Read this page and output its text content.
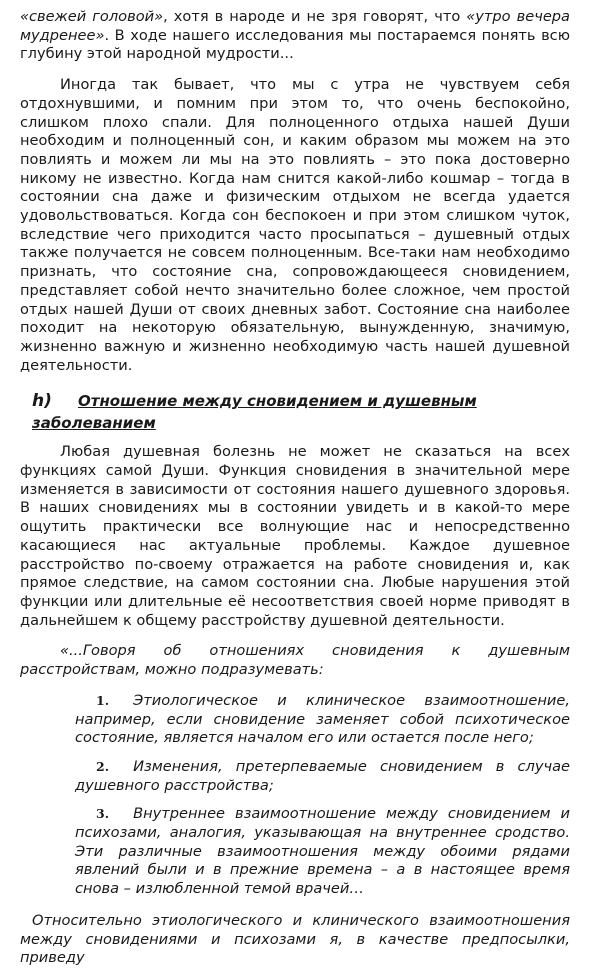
«свежей головой», хотя в народе и не зря говорят, что «утро вечера мудренее». В ходе нашего исследования мы постараемся понять всю глубину этой народной мудрости...

Иногда так бывает, что мы с утра не чувствуем себя отдохнувшими, и помним при этом то, что очень беспокойно, слишком плохо спали. Для полноценного отдыха нашей Души необходим и полноценный сон, и каким образом мы можем на это повлиять и можем ли мы на это повлиять – это пока достоверно никому не известно. Когда нам снится какой-либо кошмар – тогда в состоянии сна даже и физическим отдыхом не всегда удается удовольствоваться. Когда сон беспокоен и при этом слишком чуток, вследствие чего приходится часто просыпаться – душевный отдых также получается не совсем полноценным. Все-таки нам необходимо признать, что состояние сна, сопровождающееся сновидением, представляет собой нечто значительно более сложное, чем простой отдых нашей Души от своих дневных забот. Состояние сна наиболее походит на некоторую обязательную, вынужденную, значимую, жизненно важную и жизненно необходимую часть нашей душевной деятельности.

h) Отношение между сновидением и душевным заболеванием

Любая душевная болезнь не может не сказаться на всех функциях самой Души. Функция сновидения в значительной мере изменяется в зависимости от состояния нашего душевного здоровья. В наших сновидениях мы в состоянии увидеть и в какой-то мере ощутить практически все волнующие нас и непосредственно касающиеся нас актуальные проблемы. Каждое душевное расстройство по-своему отражается на работе сновидения и, как прямое следствие, на самом состоянии сна. Любые нарушения этой функции или длительные её несоответствия своей норме приводят в дальнейшем к общему расстройству душевной деятельности.

«...Говоря об отношениях сновидения к душевным расстройствам, можно подразумевать:

1. Этиологическое и клиническое взаимоотношение, например, если сновидение заменяет собой психотическое состояние, является началом его или остается после него;

2. Изменения, претерпеваемые сновидением в случае душевного расстройства;

3. Внутреннее взаимоотношение между сновидением и психозами, аналогия, указывающая на внутреннее сродство. Эти различные взаимоотношения между обоими рядами явлений были и в прежние времена – а в настоящее время снова – излюбленной темой врачей…

Относительно этиологического и клинического взаимоотношения между сновидениями и психозами я, в качестве предпосылки, приведу
